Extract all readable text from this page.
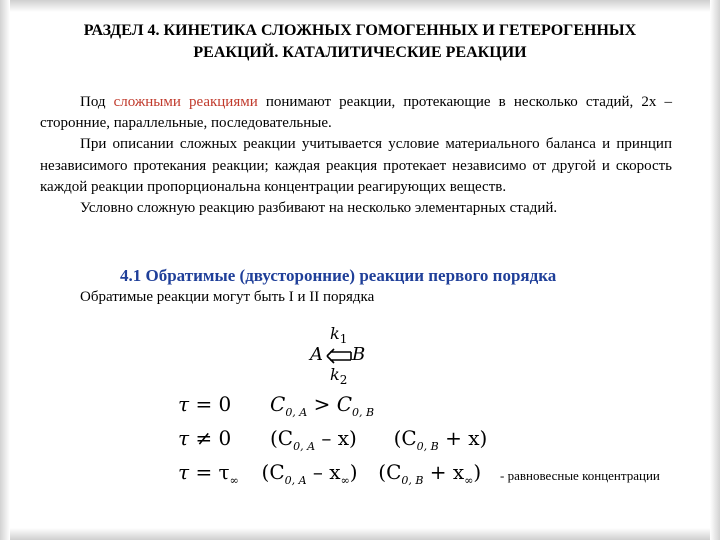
РАЗДЕЛ 4. КИНЕТИКА СЛОЖНЫХ ГОМОГЕННЫХ И ГЕТЕРОГЕННЫХ
РЕАКЦИЙ. КАТАЛИТИЧЕСКИЕ РЕАКЦИИ

Под сложными реакциями понимают реакции, протекающие в несколько стадий, 2х – сторонние, параллельные, последовательные.

При описании сложных реакции учитывается условие материального баланса и принцип независимого протекания реакции; каждая реакция протекает независимо от другой и скорость каждой реакции пропорциональна концентрации реагирующих веществ.

Условно сложную реакцию разбивают на несколько элементарных стадий.

4.1 Обратимые (двусторонние) реакции первого порядка
Обратимые реакции могут быть I и II порядка
$k_1$
A B
$k_2$
τ = 0 $C_{0, A} > C_{0, B}$
τ ≠ 0 $(C_{0, A} - x) (C_{0, B} + x)$
$\tau = \tau_\infty$ $(C_{0, A} - x_\infty) (C_{0, B} + x_\infty)$ - равновесные концентрации
